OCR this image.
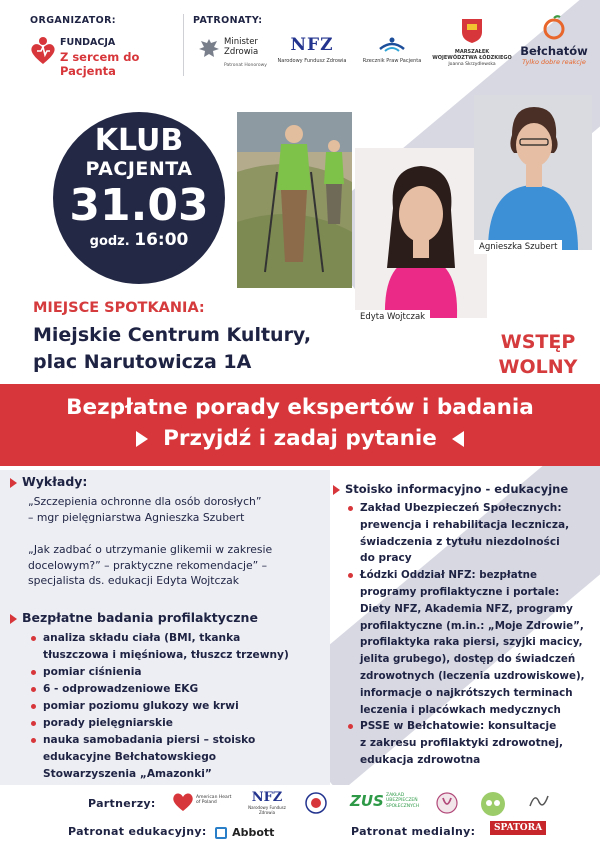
ORGANIZATOR:
FUNDACJA
Z sercem do Pacjenta
PATRONATY:
Minister
Zdrowia
Patronat Honorowy
NFZ
Narodowy Fundusz Zdrowia	Rzecznik Praw Pacjenta
MARSZAŁEK
WOJEWÓDZTWA ŁÓDZKIEGO
Joanna Skrzydlewska
Bełchatów
Tylko dobre reakcje
KLUB
PACJENTA
31.03
godz. 16:00
Edyta Wojtczak
Agnieszka Szubert
MIEJSCE SPOTKANIA:
Miejskie Centrum Kultury,
plac Narutowicza 1A
WSTĘP
WOLNY
Bezpłatne porady ekspertów i badania
Przyjdź i zadaj pytanie
Wykłady:
„Szczepienia ochronne dla osób dorosłych”
– mgr pielęgniarstwa Agnieszka Szubert
„Jak zadbać o utrzymanie glikemii w zakresie
docelowym?” – praktyczne rekomendacje” –
specjalista ds. edukacji Edyta Wojtczak
Bezpłatne badania profilaktyczne
analiza składu ciała (BMI, tkanka
tłuszczowa i mięśniowa, tłuszcz trzewny)
pomiar ciśnienia
6 - odprowadzeniowe EKG
pomiar poziomu glukozy we krwi
porady pielęgniarskie
nauka samobadania piersi – stoisko
edukacyjne Bełchatowskiego
Stowarzyszenia „Amazonki”
Stoisko informacyjno - edukacyjne
Zakład Ubezpieczeń Społecznych:
prewencja i rehabilitacja lecznicza,
świadczenia z tytułu niezdolności
do pracy
Łódzki Oddział NFZ: bezpłatne
programy profilaktyczne i portale:
Diety NFZ, Akademia NFZ, programy
profilaktyczne (m.in.: „Moje Zdrowie”,
profilaktyka raka piersi, szyjki macicy,
jelita grubego), dostęp do świadczeń
zdrowotnych (leczenia uzdrowiskowe),
informacje o najkrótszych terminach
leczenia i placówkach medycznych
PSSE w Bełchatowie: konsultacje
z zakresu profilaktyki zdrowotnej,
edukacja zdrowotna
Partnerzy:	American Heart of Poland	NFZ
Narodowy Fundusz Zdrowia
ZUS ZAKŁAD
UBEZPIECZEŃ
SPOŁECZNYCH
Patronat edukacyjny:	Abbott	Patronat medialny:	SPATORA
